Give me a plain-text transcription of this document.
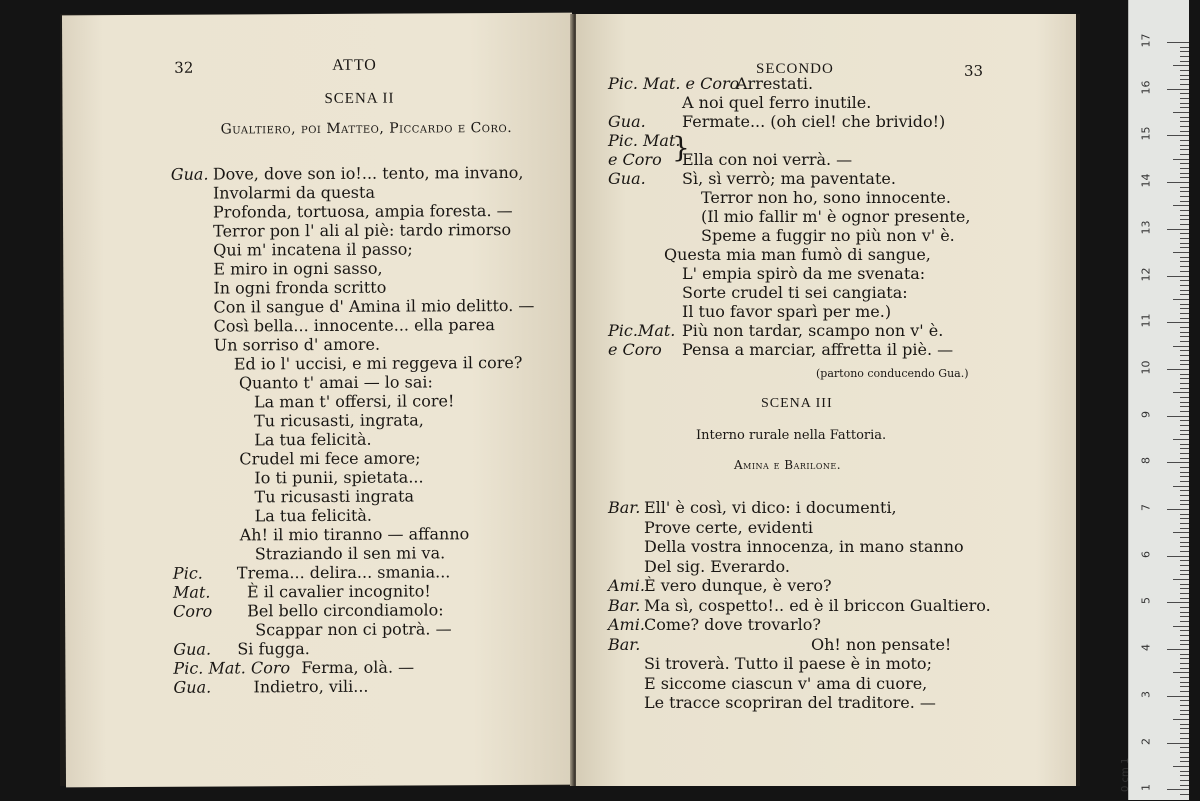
32	ATTO
SCENA II
Gualtiero, poi Matteo, Piccardo e Coro.
Gua. Dove, dove son io!... tento, ma invano,
Involarmi da questa
Profonda, tortuosa, ampia foresta. —
Terror pon l' ali al piè: tardo rimorso
Qui m' incatena il passo;
E miro in ogni sasso,
In ogni fronda scritto
Con il sangue d' Amina il mio delitto. —
Così bella... innocente... ella parea
Un sorriso d' amore.
Ed io l' uccisi, e mi reggeva il core?
Quanto t' amai — lo sai:
La man t' offersi, il core!
Tu ricusasti, ingrata,
La tua felicità.
Crudel mi fece amore;
Io ti punii, spietata...
Tu ricusasti ingrata
La tua felicità.
Ah! il mio tiranno — affanno
Straziando il sen mi va.
Pic. Trema... delira... smania...
Mat. È il cavalier incognito!
Coro Bel bello circondiamolo:
Scappar non ci potrà. —
Gua. Si fugga.
Pic. Mat. Coro Ferma, olà. —
Gua.	Indietro, vili...
SECONDO	33
Pic. Mat. e Coro
Arrestati.
A noi quel ferro inutile.
Gua. Fermate... (oh ciel! che brivido!)
Pic. Mat.
e Coro Ella con noi verrà. —
Gua. Sì, sì verrò; ma paventate.
Terror non ho, sono innocente.
(Il mio fallir m' è ognor presente,
Speme a fuggir no più non v' è.
Questa mia man fumò di sangue,
L' empia spirò da me svenata:
Sorte crudel ti sei cangiata:
Il tuo favor sparì per me.)
Pic.Mat. Più non tardar, scampo non v' è.
e Coro Pensa a marciar, affretta il piè. —
}
(partono conducendo Gua.)
SCENA III
Interno rurale nella Fattoria.
Amina e Barilone.
Bar. Ell' è così, vi dico: i documenti,
Prove certe, evidenti
Della vostra innocenza, in mano stanno
Del sig. Everardo.
Ami. È vero dunque, è vero?
Bar. Ma sì, cospetto!.. ed è il briccon Gualtiero.
Ami. Come? dove trovarlo?
Bar.	Oh! non pensate!
Si troverà. Tutto il paese è in moto;
E siccome ciascun v' ama di cuore,
Le tracce scopriran del traditore. —
17
16
15
14
13
12
11
10
9
8
7
6
5
4
3
2
1
0 cm 1
